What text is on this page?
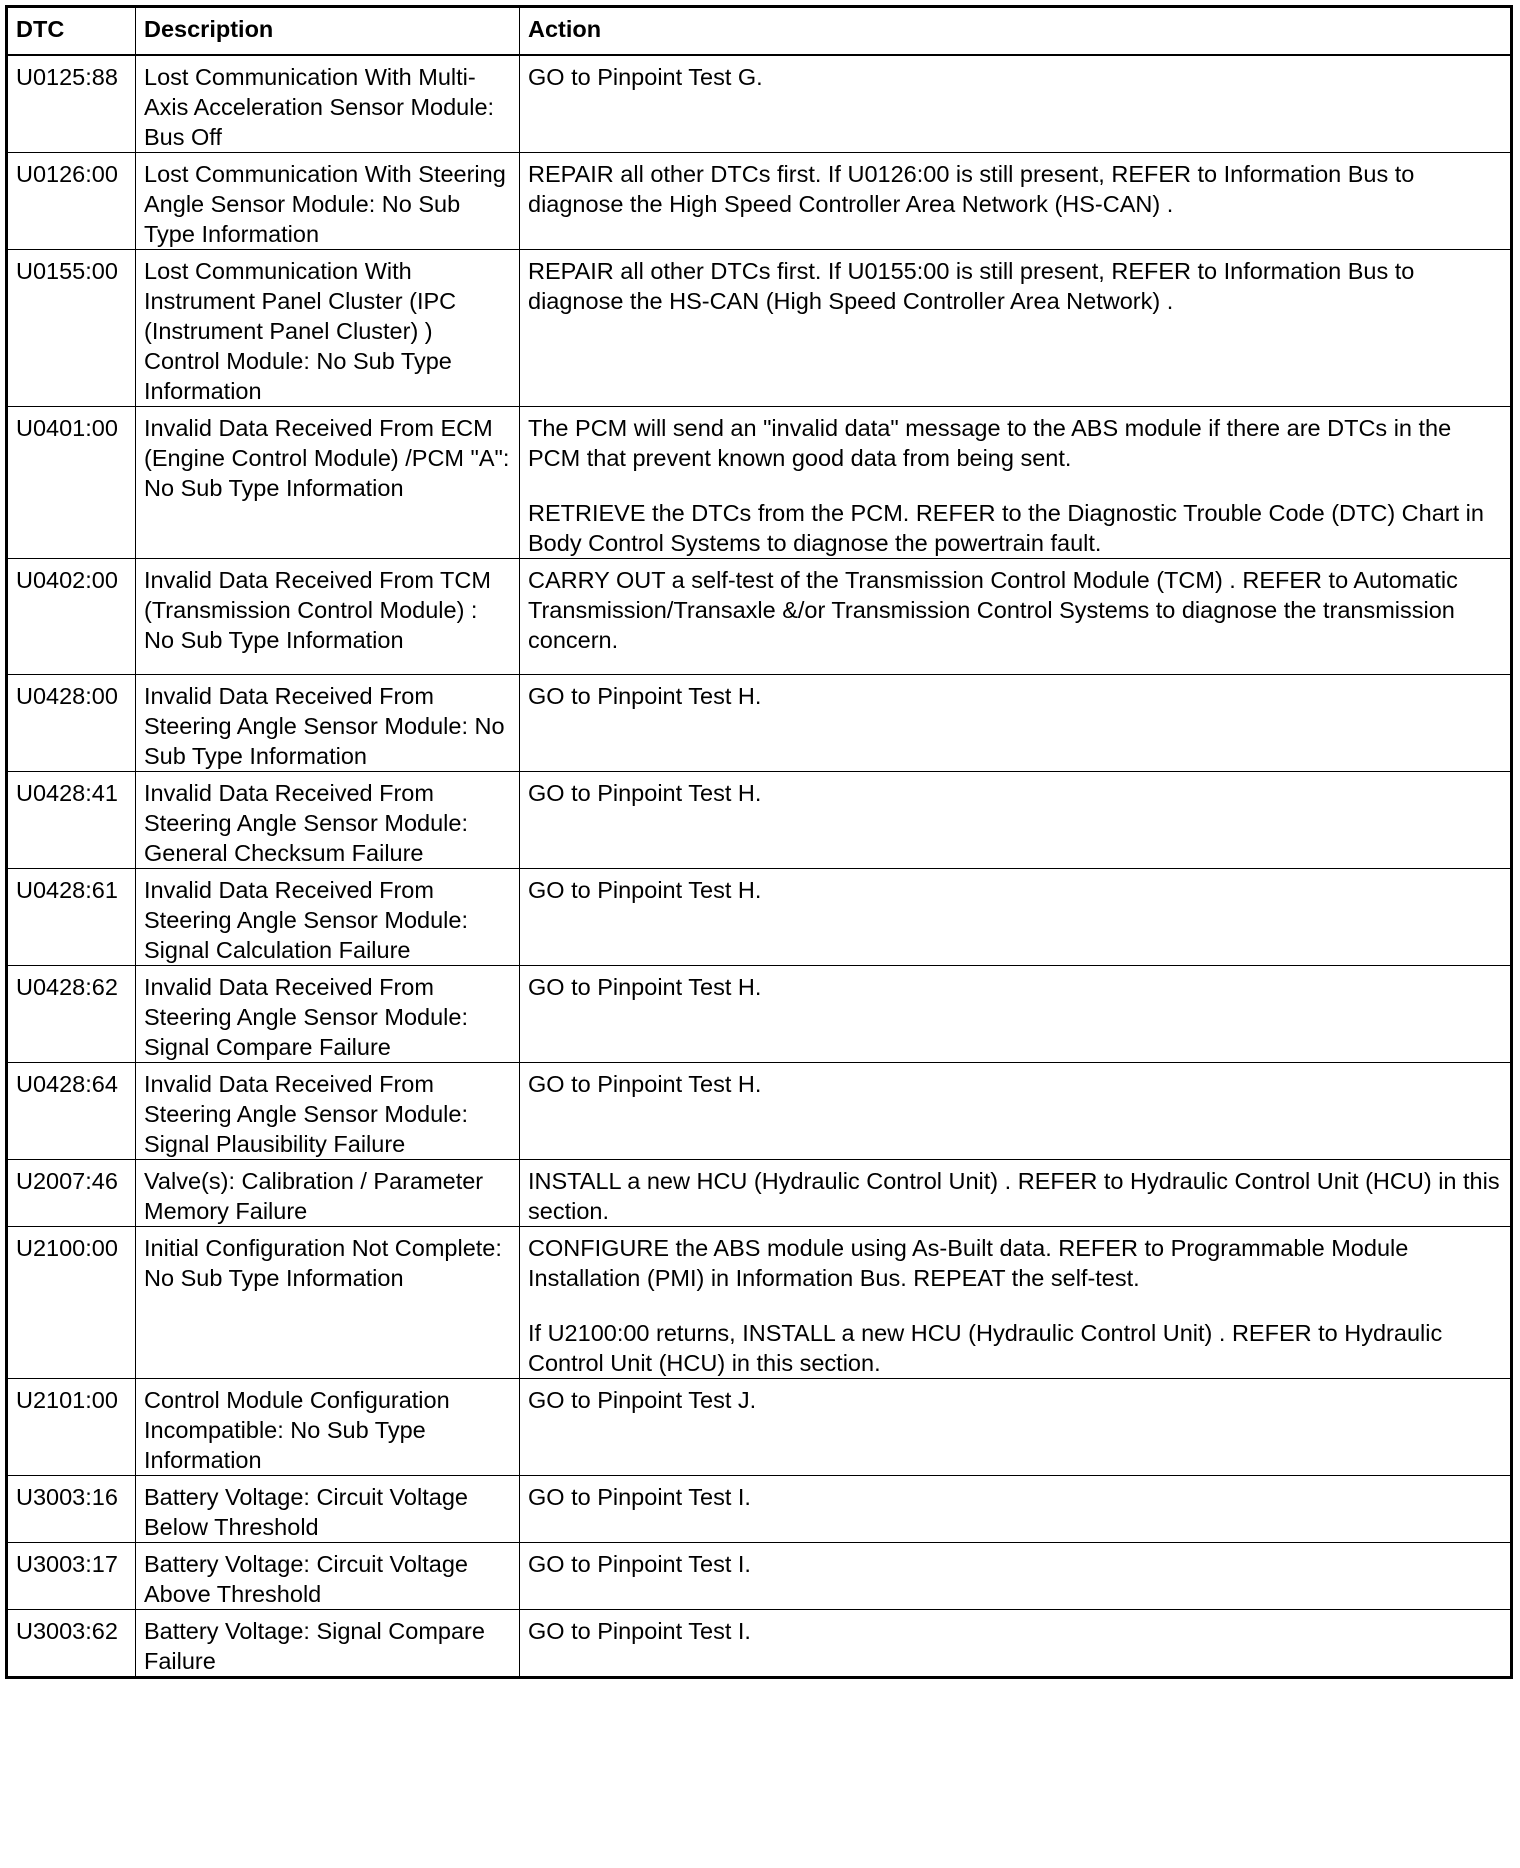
DTC	Description	Action
U0125:88	Lost Communication With Multi-Axis Acceleration Sensor Module: Bus Off	GO to Pinpoint Test G.

U0126:00	Lost Communication With Steering Angle Sensor Module: No Sub Type Information	REPAIR all other DTCs first. If U0126:00 is still present, REFER to Information Bus to diagnose the High Speed Controller Area Network (HS-CAN) .

U0155:00	Lost Communication With Instrument Panel Cluster (IPC (Instrument Panel Cluster) ) Control Module: No Sub Type Information	REPAIR all other DTCs first. If U0155:00 is still present, REFER to Information Bus to diagnose the HS-CAN (High Speed Controller Area Network) .

U0401:00	Invalid Data Received From ECM (Engine Control Module) /PCM "A": No Sub Type Information	The PCM will send an "invalid data" message to the ABS module if there are DTCs in the PCM that prevent known good data from being sent.
RETRIEVE the DTCs from the PCM. REFER to the Diagnostic Trouble Code (DTC) Chart in Body Control Systems to diagnose the powertrain fault.

U0402:00	Invalid Data Received From TCM (Transmission Control Module) : No Sub Type Information	CARRY OUT a self-test of the Transmission Control Module (TCM) . REFER to Automatic Transmission/Transaxle &/or Transmission Control Systems to diagnose the transmission concern.

U0428:00	Invalid Data Received From Steering Angle Sensor Module: No Sub Type Information	GO to Pinpoint Test H.

U0428:41	Invalid Data Received From Steering Angle Sensor Module: General Checksum Failure	GO to Pinpoint Test H.

U0428:61	Invalid Data Received From Steering Angle Sensor Module: Signal Calculation Failure	GO to Pinpoint Test H.

U0428:62	Invalid Data Received From Steering Angle Sensor Module: Signal Compare Failure	GO to Pinpoint Test H.

U0428:64	Invalid Data Received From Steering Angle Sensor Module: Signal Plausibility Failure	GO to Pinpoint Test H.

U2007:46	Valve(s): Calibration / Parameter Memory Failure	INSTALL a new HCU (Hydraulic Control Unit) . REFER to Hydraulic Control Unit (HCU) in this section.

U2100:00	Initial Configuration Not Complete: No Sub Type Information	CONFIGURE the ABS module using As-Built data. REFER to Programmable Module Installation (PMI) in Information Bus. REPEAT the self-test.
If U2100:00 returns, INSTALL a new HCU (Hydraulic Control Unit) . REFER to Hydraulic Control Unit (HCU) in this section.

U2101:00	Control Module Configuration Incompatible: No Sub Type Information	GO to Pinpoint Test J.

U3003:16	Battery Voltage: Circuit Voltage Below Threshold	GO to Pinpoint Test I.

U3003:17	Battery Voltage: Circuit Voltage Above Threshold	GO to Pinpoint Test I.

U3003:62	Battery Voltage: Signal Compare Failure	GO to Pinpoint Test I.
